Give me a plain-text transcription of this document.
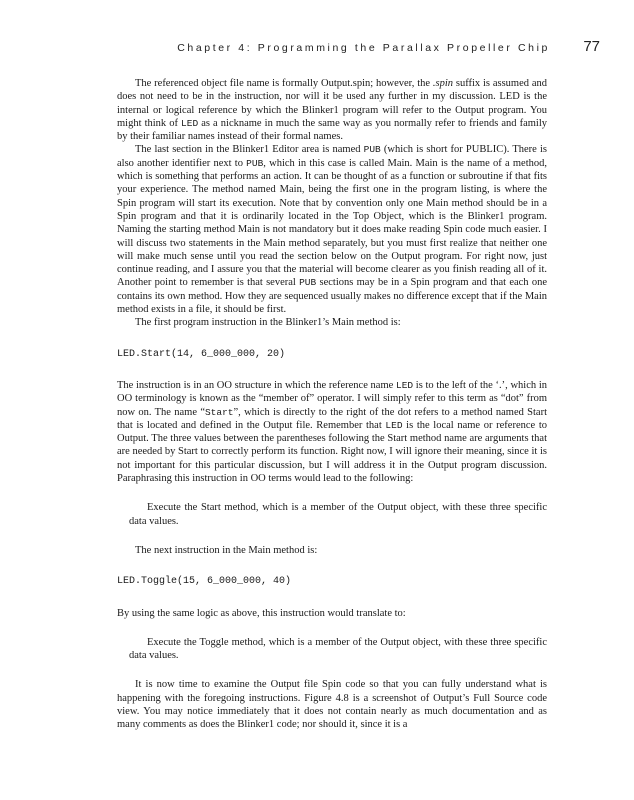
Chapter 4: Programming the Parallax Propeller Chip 77

The referenced object file name is formally Output.spin; however, the .spin suffix is assumed and does not need to be in the instruction, nor will it be used any further in my discussion. LED is the internal or logical reference by which the Blinker1 program will refer to the Output program. You might think of LED as a nickname in much the same way as you normally refer to friends and family by their familiar names instead of their formal names.

The last section in the Blinker1 Editor area is named PUB (which is short for PUBLIC). There is also another identifier next to PUB, which in this case is called Main. Main is the name of a method, which is something that performs an action. It can be thought of as a function or subroutine if that fits your experience. The method named Main, being the first one in the program listing, is where the Spin program will start its execution. Note that by convention only one Main method should be in a Spin program and that it is ordinarily located in the Top Object, which is the Blinker1 program. Naming the starting method Main is not mandatory but it does make reading Spin code much easier. I will discuss two statements in the Main method separately, but you must first realize that neither one will make much sense until you read the section below on the Output program. For right now, just continue reading, and I assure you that the material will become clearer as you finish reading all of it. Another point to remember is that several PUB sections may be in a Spin program and that each one contains its own method. How they are sequenced usually makes no difference except that if the Main method exists in a file, it should be first.

The first program instruction in the Blinker1’s Main method is:

LED.Start(14, 6_000_000, 20)

The instruction is in an OO structure in which the reference name LED is to the left of the ‘.’, which in OO terminology is known as the “member of” operator. I will simply refer to this term as “dot” from now on. The name “Start”, which is directly to the right of the dot refers to a method named Start that is located and defined in the Output file. Remember that LED is the local name or reference to Output. The three values between the parentheses following the Start method name are arguments that are needed by Start to correctly perform its function. Right now, I will ignore their meaning, since it is not important for this particular discussion, but I will address it in the Output program discussion. Paraphrasing this instruction in OO terms would lead to the following:

Execute the Start method, which is a member of the Output object, with these three specific data values.

The next instruction in the Main method is:

LED.Toggle(15, 6_000_000, 40)

By using the same logic as above, this instruction would translate to:

Execute the Toggle method, which is a member of the Output object, with these three specific data values.

It is now time to examine the Output file Spin code so that you can fully understand what is happening with the foregoing instructions. Figure 4.8 is a screenshot of Output’s Full Source code view. You may notice immediately that it does not contain nearly as much documentation and as many comments as does the Blinker1 code; nor should it, since it is a
